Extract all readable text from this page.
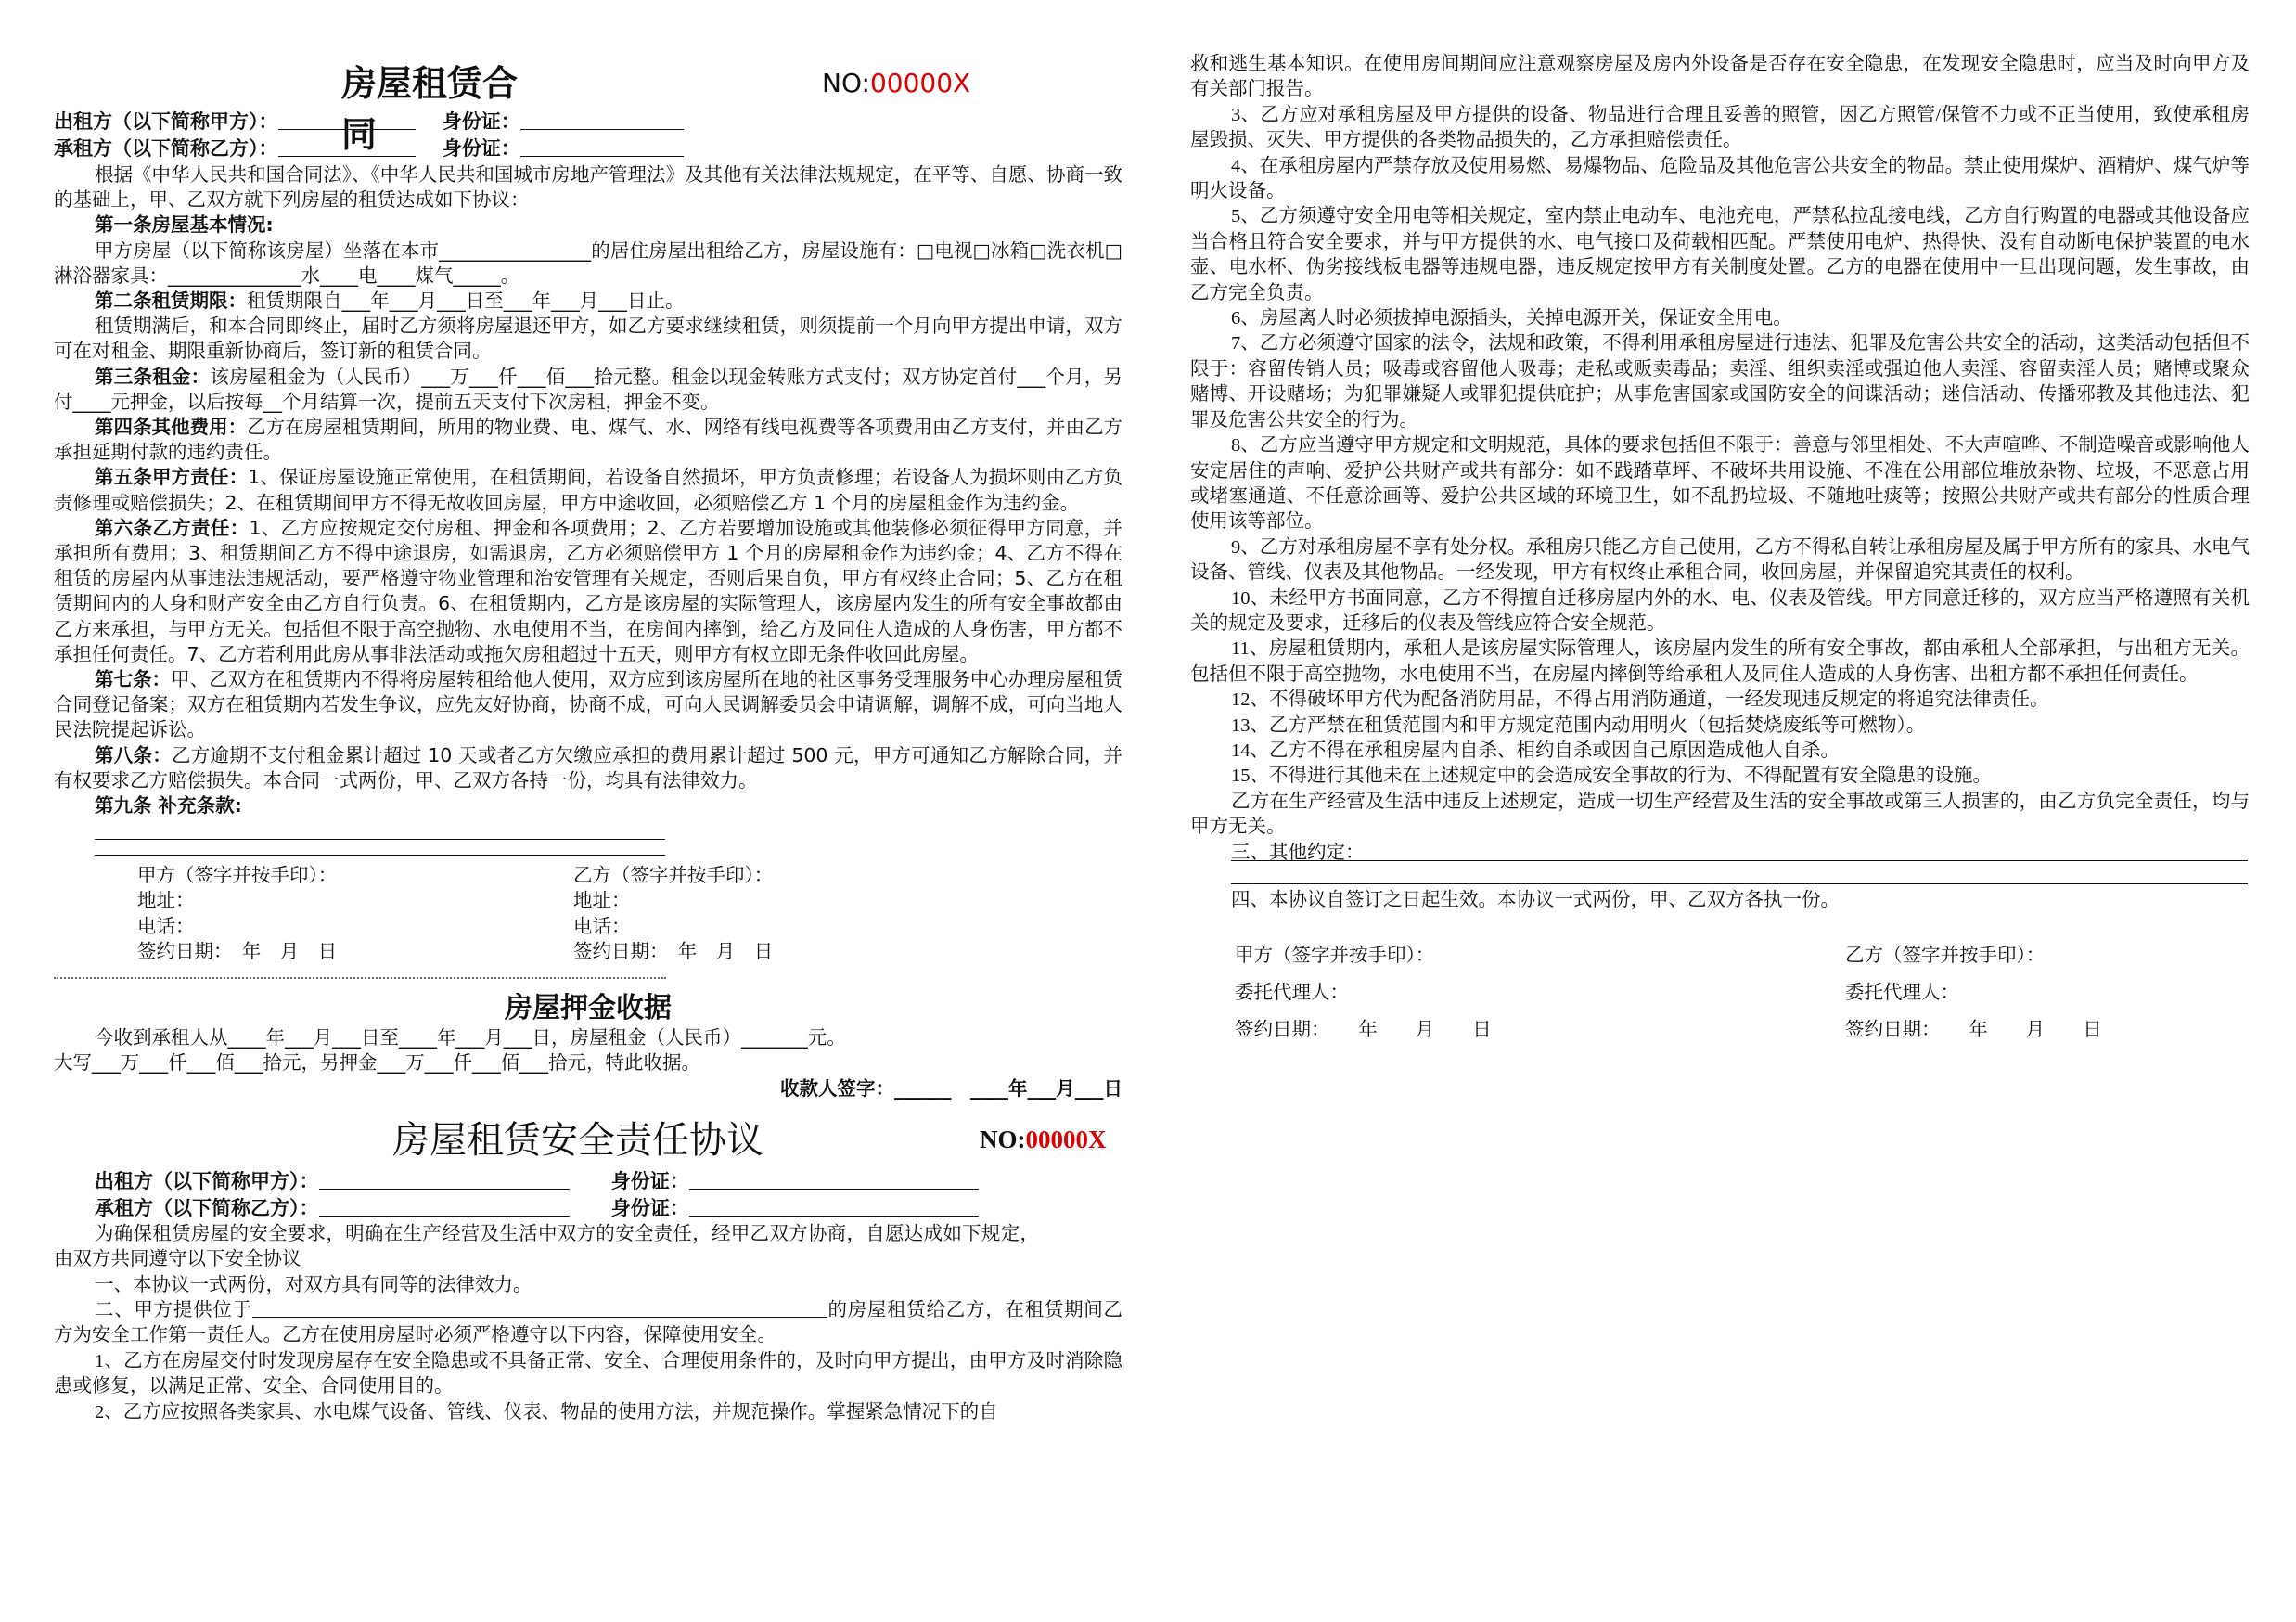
房屋租赁合同
NO:00000X

出租方（以下简称甲方）：	身份证：

承租方（以下简称乙方）：	身份证：

根据《中华人民共和国合同法》、《中华人民共和国城市房地产管理法》及其他有关法律法规规定，在平等、自愿、协商一致的基础上，甲、乙双方就下列房屋的租赁达成如下协议：

第一条房屋基本情况:

甲方房屋（以下简称该房屋）坐落在本市________________的居住房屋出租给乙方，房屋设施有：□电视□冰箱□洗衣机□淋浴器家具：______________水____电____煤气_____。

第二条租赁期限：租赁期限自___年___月___日至___年___月___日止。

租赁期满后，和本合同即终止，届时乙方须将房屋退还甲方，如乙方要求继续租赁，则须提前一个月向甲方提出申请，双方可在对租金、期限重新协商后，签订新的租赁合同。

第三条租金：该房屋租金为（人民币）___万___仟___佰___拾元整。租金以现金转账方式支付；双方协定首付___个月，另付____元押金，以后按每__个月结算一次，提前五天支付下次房租，押金不变。

第四条其他费用：乙方在房屋租赁期间，所用的物业费、电、煤气、水、网络有线电视费等各项费用由乙方支付，并由乙方承担延期付款的违约责任。

第五条甲方责任：1、保证房屋设施正常使用，在租赁期间，若设备自然损坏，甲方负责修理；若设备人为损坏则由乙方负责修理或赔偿损失；2、在租赁期间甲方不得无故收回房屋，甲方中途收回，必须赔偿乙方 1 个月的房屋租金作为违约金。

第六条乙方责任：1、乙方应按规定交付房租、押金和各项费用；2、乙方若要增加设施或其他装修必须征得甲方同意，并承担所有费用；3、租赁期间乙方不得中途退房，如需退房，乙方必须赔偿甲方 1 个月的房屋租金作为违约金；4、乙方不得在租赁的房屋内从事违法违规活动，要严格遵守物业管理和治安管理有关规定，否则后果自负，甲方有权终止合同；5、乙方在租赁期间内的人身和财产安全由乙方自行负责。6、在租赁期内，乙方是该房屋的实际管理人，该房屋内发生的所有安全事故都由乙方来承担，与甲方无关。包括但不限于高空抛物、水电使用不当，在房间内摔倒，给乙方及同住人造成的人身伤害，甲方都不承担任何责任。7、乙方若利用此房从事非法活动或拖欠房租超过十五天，则甲方有权立即无条件收回此房屋。

第七条：甲、乙双方在租赁期内不得将房屋转租给他人使用，双方应到该房屋所在地的社区事务受理服务中心办理房屋租赁合同登记备案；双方在租赁期内若发生争议，应先友好协商，协商不成，可向人民调解委员会申请调解，调解不成，可向当地人民法院提起诉讼。

第八条：乙方逾期不支付租金累计超过 10 天或者乙方欠缴应承担的费用累计超过 500 元，甲方可通知乙方解除合同，并有权要求乙方赔偿损失。本合同一式两份，甲、乙双方各持一份，均具有法律效力。

第九条 补充条款:

甲方（签字并按手印）：	乙方（签字并按手印）：

地址：	地址：

电话：	电话：

签约日期：　年　月　日	签约日期：　年　月　日

房屋押金收据

今收到承租人从____年___月___日至____年___月___日，房屋租金（人民币）_______元。

大写___万___仟___佰___拾元，另押金___万___仟___佰___拾元，特此收据。

收款人签字：______　____年___月___日

房屋租赁安全责任协议	NO:00000X

出租方（以下简称甲方）：	身份证：

承租方（以下简称乙方）：	身份证：

为确保租赁房屋的安全要求，明确在生产经营及生活中双方的安全责任，经甲乙双方协商，自愿达成如下规定，由双方共同遵守以下安全协议

一、本协议一式两份，对双方具有同等的法律效力。

二、甲方提供位于	的房屋租赁给乙方，在租赁期间乙方为安全工作第一责任人。乙方在使用房屋时必须严格遵守以下内容，保障使用安全。

1、乙方在房屋交付时发现房屋存在安全隐患或不具备正常、安全、合理使用条件的，及时向甲方提出，由甲方及时消除隐患或修复，以满足正常、安全、合同使用目的。

2、乙方应按照各类家具、水电煤气设备、管线、仪表、物品的使用方法，并规范操作。掌握紧急情况下的自

救和逃生基本知识。在使用房间期间应注意观察房屋及房内外设备是否存在安全隐患，在发现安全隐患时，应当及时向甲方及有关部门报告。

3、乙方应对承租房屋及甲方提供的设备、物品进行合理且妥善的照管，因乙方照管/保管不力或不正当使用，致使承租房屋毁损、灭失、甲方提供的各类物品损失的，乙方承担赔偿责任。

4、在承租房屋内严禁存放及使用易燃、易爆物品、危险品及其他危害公共安全的物品。禁止使用煤炉、酒精炉、煤气炉等明火设备。

5、乙方须遵守安全用电等相关规定，室内禁止电动车、电池充电，严禁私拉乱接电线，乙方自行购置的电器或其他设备应当合格且符合安全要求，并与甲方提供的水、电气接口及荷载相匹配。严禁使用电炉、热得快、没有自动断电保护装置的电水壶、电水杯、伪劣接线板电器等违规电器，违反规定按甲方有关制度处置。乙方的电器在使用中一旦出现问题，发生事故，由乙方完全负责。

6、房屋离人时必须拔掉电源插头，关掉电源开关，保证安全用电。

7、乙方必须遵守国家的法令，法规和政策，不得利用承租房屋进行违法、犯罪及危害公共安全的活动，这类活动包括但不限于：容留传销人员；吸毒或容留他人吸毒；走私或贩卖毒品；卖淫、组织卖淫或强迫他人卖淫、容留卖淫人员；赌博或聚众赌博、开设赌场；为犯罪嫌疑人或罪犯提供庇护；从事危害国家或国防安全的间谍活动；迷信活动、传播邪教及其他违法、犯罪及危害公共安全的行为。

8、乙方应当遵守甲方规定和文明规范，具体的要求包括但不限于：善意与邻里相处、不大声喧哗、不制造噪音或影响他人安定居住的声响、爱护公共财产或共有部分：如不践踏草坪、不破坏共用设施、不准在公用部位堆放杂物、垃圾，不恶意占用或堵塞通道、不任意涂画等、爱护公共区域的环境卫生，如不乱扔垃圾、不随地吐痰等；按照公共财产或共有部分的性质合理使用该等部位。

9、乙方对承租房屋不享有处分权。承租房只能乙方自己使用，乙方不得私自转让承租房屋及属于甲方所有的家具、水电气设备、管线、仪表及其他物品。一经发现，甲方有权终止承租合同，收回房屋，并保留追究其责任的权利。

10、未经甲方书面同意，乙方不得擅自迁移房屋内外的水、电、仪表及管线。甲方同意迁移的，双方应当严格遵照有关机关的规定及要求，迁移后的仪表及管线应符合安全规范。

11、房屋租赁期内，承租人是该房屋实际管理人，该房屋内发生的所有安全事故，都由承租人全部承担，与出租方无关。包括但不限于高空抛物，水电使用不当，在房屋内摔倒等给承租人及同住人造成的人身伤害、出租方都不承担任何责任。

12、不得破坏甲方代为配备消防用品，不得占用消防通道，一经发现违反规定的将追究法律责任。

13、乙方严禁在租赁范围内和甲方规定范围内动用明火（包括焚烧废纸等可燃物）。

14、乙方不得在承租房屋内自杀、相约自杀或因自己原因造成他人自杀。

15、不得进行其他未在上述规定中的会造成安全事故的行为、不得配置有安全隐患的设施。

乙方在生产经营及生活中违反上述规定，造成一切生产经营及生活的安全事故或第三人损害的，由乙方负完全责任，均与甲方无关。

三、其他约定：

四、本协议自签订之日起生效。本协议一式两份，甲、乙双方各执一份。

甲方（签字并按手印）：	乙方（签字并按手印）：
委托代理人：	委托代理人：
签约日期：　　年　　月　　日	签约日期：　　年　　月　　日
